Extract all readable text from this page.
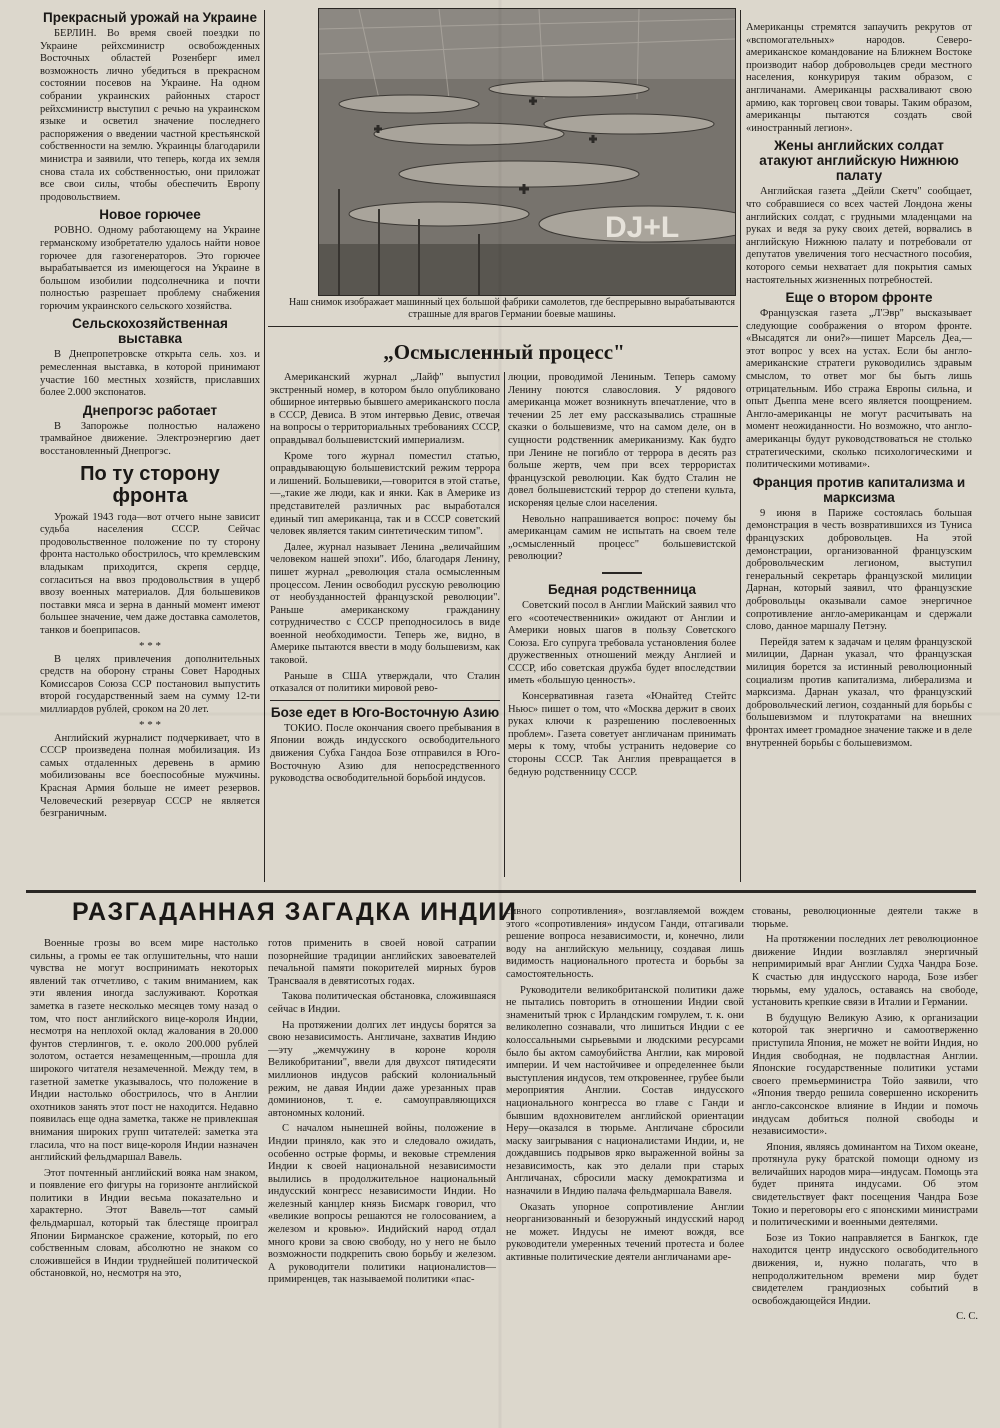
Прекрасный урожай на Украине

БЕРЛИН. Во время своей поездки по Украине рейхсминистр освобожденных Восточных областей Розенберг имел возможность лично убедиться в прекрасном состоянии посевов на Украине. На одном собрании украинских районных старост рейхсминистр выступил с речью на украинском языке и осветил значение последнего распоряжения о введении частной крестьянской собственности на землю. Украинцы благодарили министра и заявили, что теперь, когда их земля снова стала их собственностью, они приложат все свои силы, чтобы обеспечить Европу продовольствием.

Новое горючее

РОВНО. Одному работающему на Украине германскому изобретателю удалось найти новое горючее для газогенераторов. Это горючее вырабатывается из имеющегося на Украине в большом изобилии подсолнечника и почти полностью разрешает проблему снабжения горючим украинского сельского хозяйства.

Сельскохозяйственная выставка

В Днепропетровске открыта сель. хоз. и ремесленная выставка, в которой принимают участие 160 местных хозяйств, приславших более 2.000 экспонатов.

Днепрогэс работает

В Запорожье полностью налажено трамвайное движение. Электроэнергию дает восстановленный Днепрогэс.

По ту сторону фронта

Урожай 1943 года—вот отчего ныне зависит судьба населения СССР. Сейчас продовольственное положение по ту сторону фронта настолько обострилось, что кремлевским владыкам приходится, скрепя сердце, согласиться на ввоз продовольствия в ущерб ввозу военных материалов. Для большевиков поставки мяса и зерна в данный момент имеют большее значение, чем даже доставка самолетов, танков и боеприпасов.

* * *

В целях привлечения дополнительных средств на оборону страны Совет Народных Комиссаров Союза ССР постановил выпустить второй государственный заем на сумму 12-ти миллиардов рублей, сроком на 20 лет.

* * *

Английский журналист подчеркивает, что в СССР произведена полная мобилизация. Из самых отдаленных деревень в армию мобилизованы все боеспособные мужчины. Красная Армия больше не имеет резервов. Человеческий резервуар СССР не является безграничным.

DJ+L
Наш снимок изображает машинный цех большой фабрики самолетов, где беспрерывно вырабатываются страшные для врагов Германии боевые машины.
„Осмысленный процесс"

Американский журнал „Лайф" выпустил экстренный номер, в котором было опубликовано обширное интервью бывшего американского посла в СССР, Девиса. В этом интервью Девис, отвечая на вопросы о территориальных требованиях СССР, оправдывал большевистский империализм.

Кроме того журнал поместил статью, оправдывающую большевистский режим террора и лишений. Большевики,—говорится в этой статье,—„такие же люди, как и янки. Как в Америке из представителей различных рас выработался единый тип американца, так и в СССР советский человек является таким синтетическим типом".

Далее, журнал называет Ленина „величайшим человеком нашей эпохи". Ибо, благодаря Ленину, пишет журнал „революция стала осмысленным процессом. Ленин освободил русскую революцию от необузданностей французской революции". Раньше американскому гражданину сотрудничество с СССР преподносилось в виде военной необходимости. Теперь же, видно, в Америке пытаются ввести в моду большевизм, как таковой.

Раньше в США утверждали, что Сталин отказался от политики мировой рево-

Бозе едет в Юго-Восточную Азию

ТОКИО. После окончания своего пребывания в Японии вождь индусского освободительного движения Субха Гандоа Бозе отправился в Юго-Восточную Азию для непосредственного руководства освободительной борьбой индусов.

люции, проводимой Лениным. Теперь самому Ленину поются славословия. У рядового американца может возникнуть впечатление, что в течении 25 лет ему рассказывались страшные сказки о большевизме, что на самом деле, он в сущности родственник американизму. Как будто при Ленине не погибло от террора в десять раз больше жертв, чем при всех террористах французской революции. Как будто Сталин не довел большевистский террор до степени культа, искореняя целые слои населения.

Невольно напрашивается вопрос: почему бы американцам самим не испытать на своем теле „осмысленный процесс" большевистской революции?

Бедная родственница

Советский посол в Англии Майский заявил что его «соотечественники» ожидают от Англии и Америки новых шагов в пользу Советского Союза. Его супруга требовала установления более дружественных отношений между Англией и СССР, ибо советская дружба будет впоследствии иметь «большую ценность».

Консервативная газета «Юнайтед Стейтс Ньюс» пишет о том, что «Москва держит в своих руках ключи к разрешению послевоенных проблем». Газета советует англичанам принимать меры к тому, чтобы устранить недоверие со стороны СССР. Так Англия превращается в бедную родственницу СССР.

Американцы стремятся запаучить рекрутов от «вспомогательных» народов. Северо-американское командование на Ближнем Востоке производит набор добровольцев среди местного населения, конкурируя таким образом, с англичанами. Американцы расхваливают свою армию, как торговец свои товары. Таким образом, американцы пытаются создать свой «иностранный легион».

Жены английских солдат атакуют английскую Нижнюю палату

Английская газета „Дейли Скетч" сообщает, что собравшиеся со всех частей Лондона жены английских солдат, с грудными младенцами на руках и ведя за руку своих детей, ворвались в английскую Нижнюю палату и потребовали от депутатов увеличения того несчастного пособия, которого семьи нехватает для покрытия самых настоятельных жизненных потребностей.

Еще о втором фронте

Французская газета „Л'Эвр" высказывает следующие соображения о втором фронте. «Высадятся ли они?»—пишет Марсель Деа,—этот вопрос у всех на устах. Если бы англо-американские стратеги руководились здравым смыслом, то ответ мог бы быть лишь отрицательным. Ибо стража Европы сильна, и опыт Дьеппа мене всего является поощрением. Англо-американцы не могут расчитывать на момент неожиданности. Но возможно, что англо-американцы будут руководствоваться не столько стратегическими, сколько психологическими и политическими мотивами».

Франция против капитализма и марксизма

9 июня в Париже состоялась большая демонстрация в честь возвратившихся из Туниса французских добровольцев. На этой демонстрации, организованной французским добровольческим легионом, выступил генеральный секретарь французской милиции Дарнан, который заявил, что французские добровольцы оказывали самое энергичное сопротивление англо-американцам и сдержали слово, данное маршалу Петэну.

Перейдя затем к задачам и целям французской милиции, Дарнан указал, что французская милиция борется за истинный революционный социализм против капитализма, либерализма и марксизма. Дарнан указал, что французский добровольческий легион, созданный для борьбы с большевизмом и плутократами на внешних фронтах имеет громадное значение также и в деле внутренней борьбы с большевизмом.

РАЗГАДАННАЯ ЗАГАДКА ИНДИИ

Военные грозы во всем мире настолько сильны, а громы ее так оглушительны, что наши чувства не могут воспринимать некоторых явлений так отчетливо, с таким вниманием, как эти явления иногда заслуживают. Короткая заметка в газете несколько месяцев тому назад о том, что пост английского вице-короля Индии, несмотря на неплохой оклад жалования в 20.000 фунтов стерлингов, т. е. около 200.000 рублей золотом, остается незамещенным,—прошла для широкого читателя незамеченной. Между тем, в газетной заметке указывалось, что положение в Индии настолько обострилось, что в Англии охотников занять этот пост не находится. Недавно появилась еще одна заметка, также не привлекшая внимания широких групп читателей: заметка эта гласила, что на пост вице-короля Индии назначен английский фельдмаршал Вавель.

Этот почтенный английский вояка нам знаком, и появление его фигуры на горизонте английской политики в Индии весьма показательно и характерно. Этот Вавель—тот самый фельдмаршал, который так блестяще проиграл Японии Бирманское сражение, который, по его собственным словам, абсолютно не знаком со сложившейся в Индии труднейшей политической обстановкой, но, несмотря на это,

готов применить в своей новой сатрапии позорнейшие традиции английских завоевателей печальной памяти покорителей мирных буров Трансвааля в девятисотых годах.

Такова политическая обстановка, сложившаяся сейчас в Индии.

На протяжении долгих лет индусы борятся за свою независимость. Англичане, захватив Индию—эту „жемчужину в короне короля Великобритании", ввели для двухсот пятидесяти миллионов индусов рабский колониальный режим, не давая Индии даже урезанных прав доминионов, т. е. самоуправляющихся автономных колоний.

С началом нынешней войны, положение в Индии приняло, как это и следовало ожидать, особенно острые формы, и вековые стремления Индии к своей национальной независимости вылились в продолжительное национальный индусский конгресс независимости Индии. Но железный канцлер князь Бисмарк говорил, что «великие вопросы решаются не голосованием, а железом и кровью». Индийский народ отдал много крови за свою свободу, но у него не было возможности подкрепить свою борьбу и железом. А руководители политики националистов—примиренцев, так называемой политики «пас-

сивного сопротивления», возглавляемой вождем этого «сопротивления» индусом Ганди, отгагивали решение вопроса независимости, и, конечно, лили воду на английскую мельницу, создавая лишь видимость национального протеста и борьбы за самостоятельность.

Руководители великобританской политики даже не пытались повторить в отношении Индии свой знаменитый трюк с Ирландским гомрулем, т. к. они великолепно сознавали, что лишиться Индии с ее колоссальными сырьевыми и людскими ресурсами было бы актом самоубийства Англии, как мировой империи. И чем настойчивее и определеннее были выступления индусов, тем откровеннее, грубее были мероприятия Англии. Состав индусского национального конгресса во главе с Ганди и бывшим вдохновителем английской ориентации Неру—оказался в тюрьме. Англичане сбросили маску заигрывания с националистами Индии, и, не дождавшись подрывов ярко выраженной войны за независимость, как это делали при старых Англичанах, сбросили маску демократизма и назначили в Индию палача фельдмаршала Вавеля.

Оказать упорное сопротивление Англии неорганизованный и безоружный индусский народ не может. Индусы не имеют вождя, все руководители умеренных течений протеста и более активные политические деятели англичанами аре-

стованы, революционные деятели также в тюрьме.

На протяжении последних лет революционное движение Индии возглавлял энергичный непримиримый враг Англии Судха Чандра Бозе. К счастью для индусского народа, Бозе избег тюрьмы, ему удалось, оставаясь на свободе, установить крепкие связи в Италии и Германии.

В будущую Великую Азию, к организации которой так энергично и самоотверженно приступила Япония, не может не войти Индия, но Индия свободная, не подвластная Англии. Японские государственные политики устами своего премьерминистра Тойо заявили, что «Япония твердо решила совершенно искоренить англо-саксонское влияние в Индии и помочь индусам добиться полной свободы и независимости».

Япония, являясь доминантом на Тихом океане, протянула руку братской помощи одному из величайших народов мира—индусам. Помощь эта будет принята индусами. Об этом свидетельствует факт посещения Чандра Бозе Токио и переговоры его с японскими министрами и политическими и военными деятелями.

Бозе из Токио направляется в Бангкок, где находится центр индусского освободительного движения, и, нужно полагать, что в непродолжительном времени мир будет свидетелем грандиозных событий в освобождающейся Индии.

С. С.
